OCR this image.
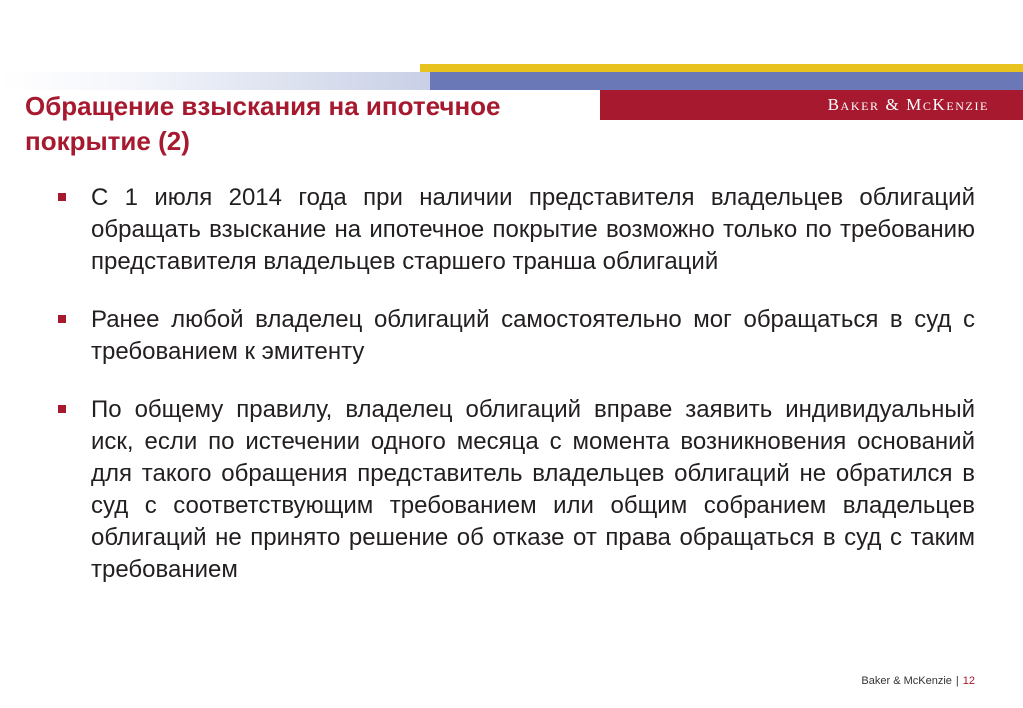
Baker & McKenzie
Обращение взыскания на ипотечное покрытие (2)
С 1 июля 2014 года при наличии представителя владельцев облигаций обращать взыскание на ипотечное покрытие возможно только по требованию представителя владельцев старшего транша облигаций
Ранее любой владелец облигаций самостоятельно мог обращаться в суд с требованием к эмитенту
По общему правилу, владелец облигаций вправе заявить индивидуальный иск, если по истечении одного месяца с момента возникновения оснований для такого обращения представитель владельцев облигаций не обратился в суд с соответствующим требованием или общим собранием владельцев облигаций не принято решение об отказе от права обращаться в суд с таким требованием
Baker & McKenzie | 12
